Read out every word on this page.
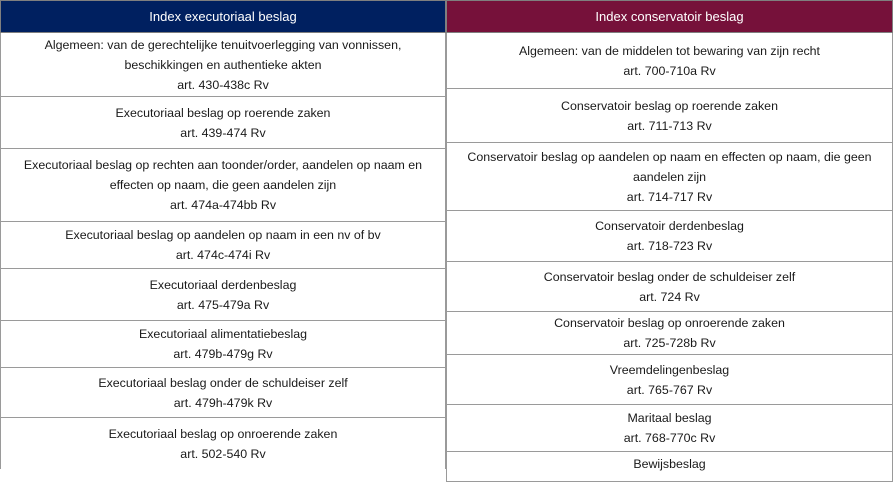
Index executoriaal beslag
Algemeen: van de gerechtelijke tenuitvoerlegging van vonnissen, beschikkingen en authentieke akten
art. 430-438c Rv
Executoriaal beslag op roerende zaken
art. 439-474 Rv
Executoriaal beslag op rechten aan toonder/order, aandelen op naam en effecten op naam, die geen aandelen zijn
art. 474a-474bb Rv
Executoriaal beslag op aandelen op naam in een nv of bv
art. 474c-474i Rv
Executoriaal derdenbeslag
art. 475-479a Rv
Executoriaal alimentatiebeslag
art. 479b-479g Rv
Executoriaal beslag onder de schuldeiser zelf
art. 479h-479k Rv
Executoriaal beslag op onroerende zaken
art. 502-540 Rv
Index conservatoir beslag
Algemeen: van de middelen tot bewaring van zijn recht
art. 700-710a Rv
Conservatoir beslag op roerende zaken
art. 711-713 Rv
Conservatoir beslag op aandelen op naam en effecten op naam, die geen aandelen zijn
art. 714-717 Rv
Conservatoir derdenbeslag
art. 718-723 Rv
Conservatoir beslag onder de schuldeiser zelf
art. 724 Rv
Conservatoir beslag op onroerende zaken
art. 725-728b Rv
Vreemdelingenbeslag
art. 765-767 Rv
Maritaal beslag
art. 768-770c Rv
Bewijsbeslag
